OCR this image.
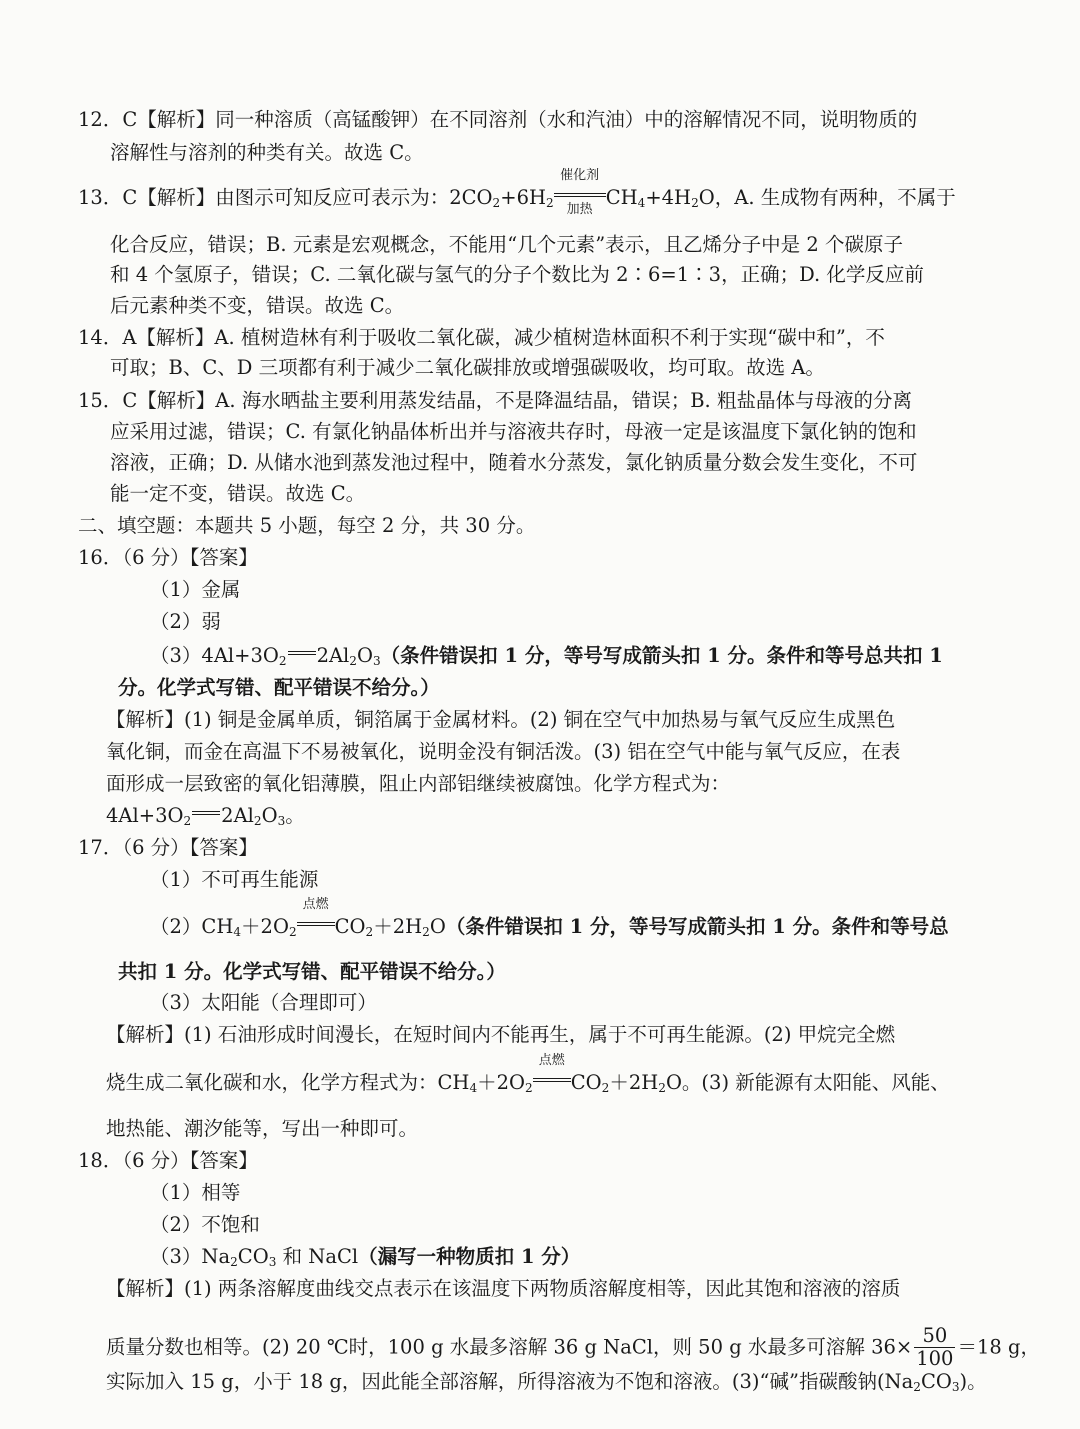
12．C【解析】同一种溶质（高锰酸钾）在不同溶剂（水和汽油）中的溶解情况不同，说明物质的
溶解性与溶剂的种类有关。故选 C。
13．C【解析】由图示可知反应可表示为：$2CO_2+6H_2$
催化剂
加热
$CH_4+4H_2O$，A. 生成物有两种，不属于
化合反应，错误；B. 元素是宏观概念，不能用“几个元素”表示，且乙烯分子中是 2 个碳原子
和 4 个氢原子，错误；C. 二氧化碳与氢气的分子个数比为 2∶6=1∶3，正确；D. 化学反应前
后元素种类不变，错误。故选 C。
14．A【解析】A. 植树造林有利于吸收二氧化碳，减少植树造林面积不利于实现“碳中和”，不
可取；B、C、D 三项都有利于减少二氧化碳排放或增强碳吸收，均可取。故选 A。
15．C【解析】A. 海水晒盐主要利用蒸发结晶，不是降温结晶，错误；B. 粗盐晶体与母液的分离
应采用过滤，错误；C. 有氯化钠晶体析出并与溶液共存时，母液一定是该温度下氯化钠的饱和
溶液，正确；D. 从储水池到蒸发池过程中，随着水分蒸发，氯化钠质量分数会发生变化，不可
能一定不变，错误。故选 C。
二、填空题：本题共 5 小题，每空 2 分，共 30 分。
16．（6 分）【答案】
（1）金属
（2）弱
$(3)4Al+3O_2$ $2Al_2O_3$（条件错误扣 1 分，等号写成箭头扣 1 分。条件和等号总共扣 1
分。化学式写错、配平错误不给分。）
【解析】(1) 铜是金属单质，铜箔属于金属材料。(2) 铜在空气中加热易与氧气反应生成黑色
氧化铜，而金在高温下不易被氧化，说明金没有铜活泼。(3) 铝在空气中能与氧气反应，在表
面形成一层致密的氧化铝薄膜，阻止内部铝继续被腐蚀。化学方程式为：
$4Al+3O_2$ $2Al_2O_3$。
17．（6 分）【答案】
（1）不可再生能源
$(2)CH_4+2O_2$
点燃
$CO_2+2H_2O$（条件错误扣 1 分，等号写成箭头扣 1 分。条件和等号总
共扣 1 分。化学式写错、配平错误不给分。）
（3）太阳能（合理即可）
【解析】(1) 石油形成时间漫长，在短时间内不能再生，属于不可再生能源。(2) 甲烷完全燃
烧生成二氧化碳和水，化学方程式为：$CH_4+2O_2$
点燃
$CO_2+2H_2O$。(3) 新能源有太阳能、风能、
地热能、潮汐能等，写出一种即可。
18．（6 分）【答案】
（1）相等
（2）不饱和
$(3)Na_2CO_3$ 和 NaCl（漏写一种物质扣 1 分）
【解析】(1) 两条溶解度曲线交点表示在该温度下两物质溶解度相等，因此其饱和溶液的溶质
质量分数也相等。(2) 20 ℃时，100 g 水最多溶解 36 g NaCl，则 50 g 水最多可溶解 $36\times \frac{50}{100} =18$ g，
实际加入 15 g，小于 18 g，因此能全部溶解，所得溶液为不饱和溶液。(3)“碱”指碳酸钠$(Na_2CO_3)$。
